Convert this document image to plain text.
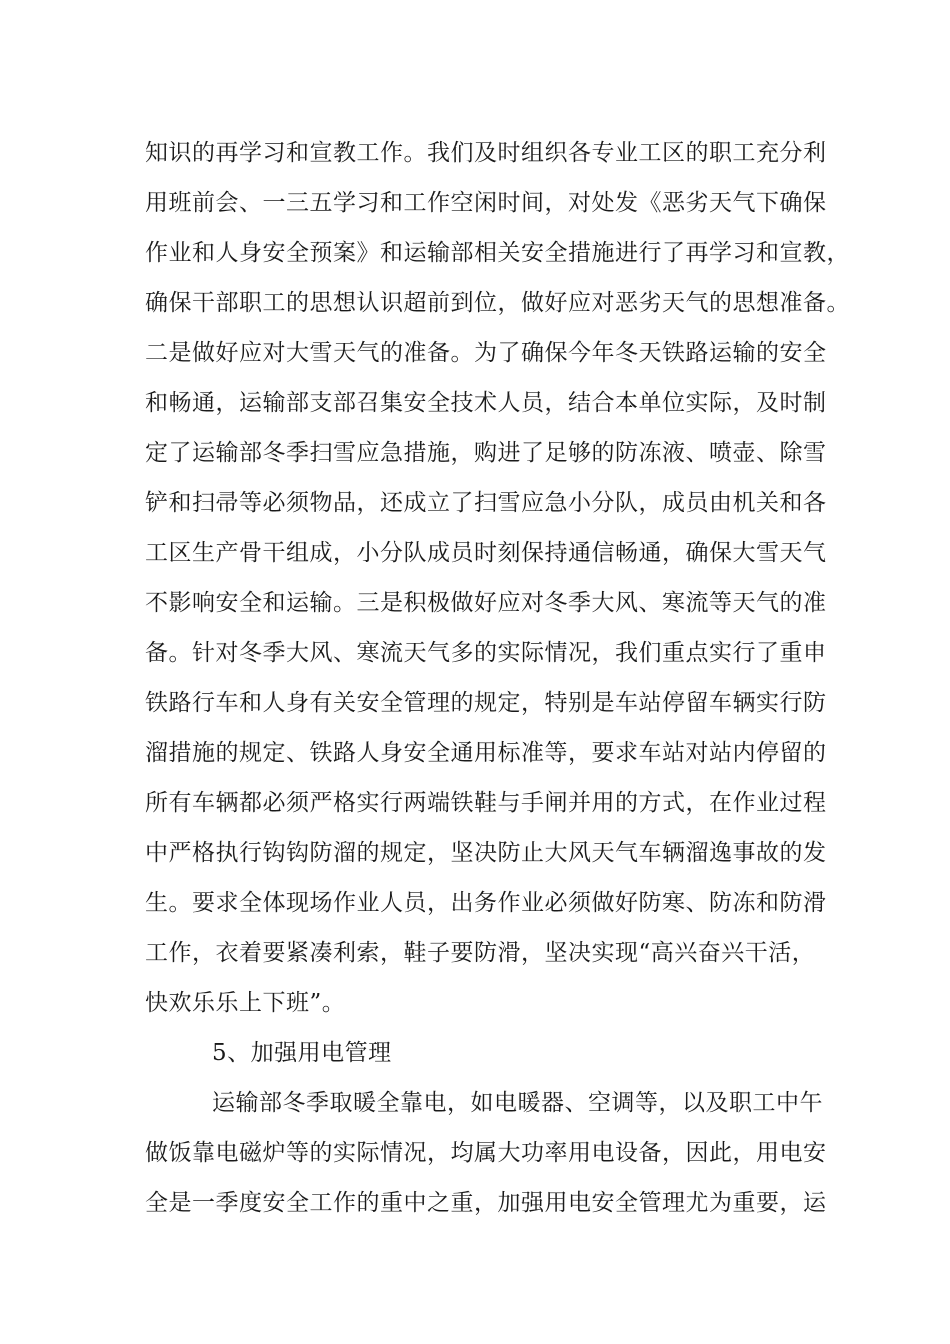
知识的再学习和宣教工作。我们及时组织各专业工区的职工充分利
用班前会、一三五学习和工作空闲时间，对处发《恶劣天气下确保
作业和人身安全预案》和运输部相关安全措施进行了再学习和宣教，
确保干部职工的思想认识超前到位，做好应对恶劣天气的思想准备。
二是做好应对大雪天气的准备。为了确保今年冬天铁路运输的安全
和畅通，运输部支部召集安全技术人员，结合本单位实际，及时制
定了运输部冬季扫雪应急措施，购进了足够的防冻液、喷壶、除雪
铲和扫帚等必须物品，还成立了扫雪应急小分队，成员由机关和各
工区生产骨干组成，小分队成员时刻保持通信畅通，确保大雪天气
不影响安全和运输。三是积极做好应对冬季大风、寒流等天气的准
备。针对冬季大风、寒流天气多的实际情况，我们重点实行了重申
铁路行车和人身有关安全管理的规定，特别是车站停留车辆实行防
溜措施的规定、铁路人身安全通用标准等，要求车站对站内停留的
所有车辆都必须严格实行两端铁鞋与手闸并用的方式，在作业过程
中严格执行钩钩防溜的规定，坚决防止大风天气车辆溜逸事故的发
生。要求全体现场作业人员，出务作业必须做好防寒、防冻和防滑
工作，衣着要紧凑利索，鞋子要防滑，坚决实现“高兴奋兴干活，
快欢乐乐上下班”。
5、加强用电管理
运输部冬季取暖全靠电，如电暖器、空调等，以及职工中午
做饭靠电磁炉等的实际情况，均属大功率用电设备，因此，用电安
全是一季度安全工作的重中之重，加强用电安全管理尤为重要，运
